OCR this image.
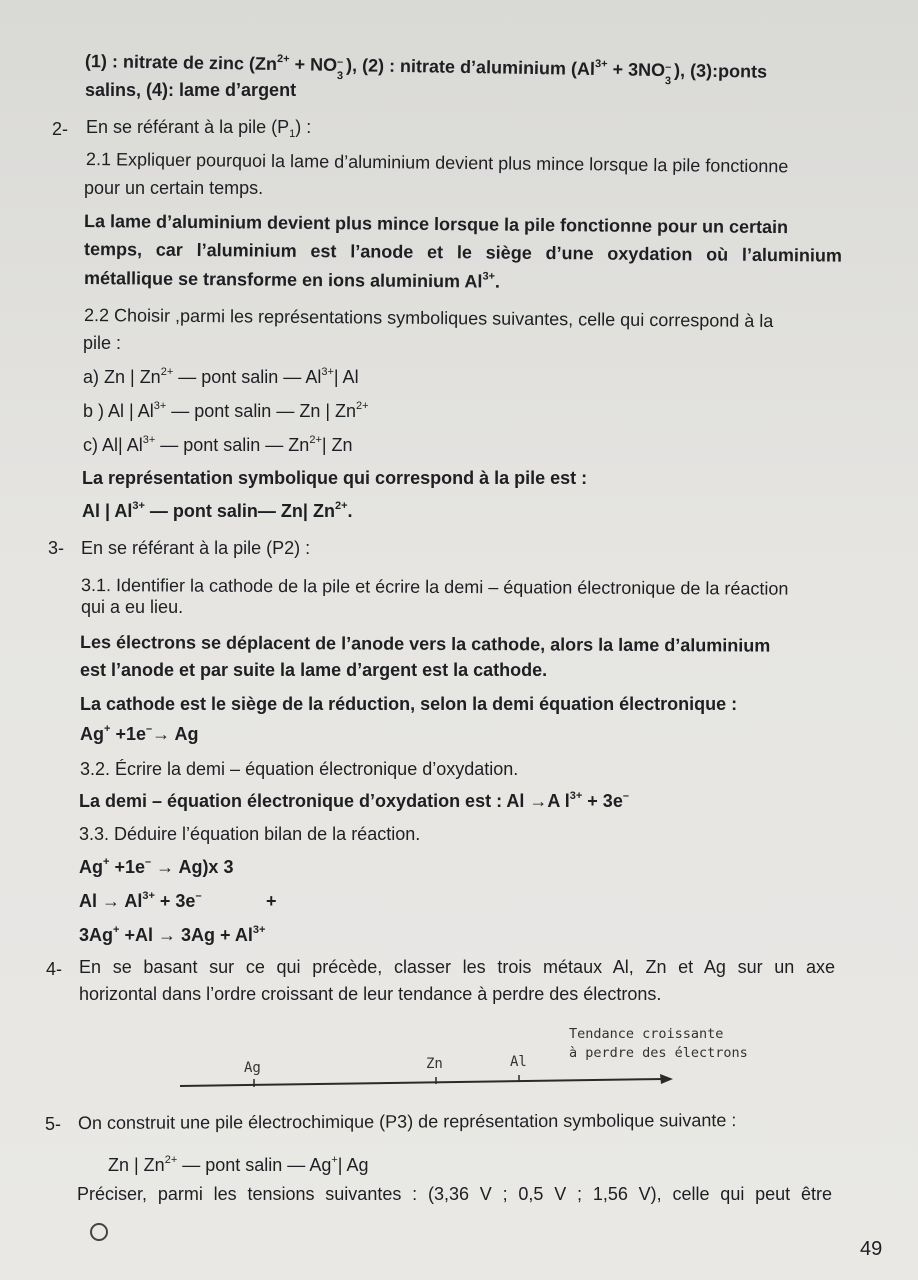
(1) : nitrate de zinc ($Zn^{2+}$ + NO –
3 ), (2) : nitrate d’aluminium ($Al^{3+} + 3NO$ –
3 ), (3):ponts
salins, (4): lame d’argent
2- En se référant à la pile $(P_1)$ :
2.1 Expliquer pourquoi la lame d’aluminium devient plus mince lorsque la pile fonctionne
pour un certain temps.
La lame d’aluminium devient plus mince lorsque la pile fonctionne pour un certain
temps, car l’aluminium est l’anode et le siège d’une oxydation où l’aluminium
métallique se transforme en ions aluminium $Al^{3+}$.
2.2 Choisir ,parmi les représentations symboliques suivantes, celle qui correspond à la
pile :
a) Zn | $Zn^{2+}$ — pont salin — $Al^{3+}|$ Al
b ) Al | $Al^{3+}$ — pont salin — Zn | $Zn^{2+}$
c) Al| $Al^{3+}$ — pont salin — $Zn^{2+}|$ Zn
La représentation symbolique qui correspond à la pile est :
Al | $Al^{3+}$ — pont salin— Zn| $Zn^{2+}$.
3- En se référant à la pile (P2) :
3.1. Identifier la cathode de la pile et écrire la demi – équation électronique de la réaction
qui a eu lieu.
Les électrons se déplacent de l’anode vers la cathode, alors la lame d’aluminium
est l’anode et par suite la lame d’argent est la cathode.
La cathode est le siège de la réduction, selon la demi équation électronique :
Ag+ +1e–→ Ag
3.2. Écrire la demi – équation électronique d’oxydation.
La demi – équation électronique d’oxydation est : Al →A $l^{3+} + 3e^-$
3.3. Déduire l’équation bilan de la réaction.
Ag+ +1e– → Ag)x 3
$Al \to Al^{3+} + 3e^-$	+
$3Ag^+ +Al \to 3Ag + Al^{3+}$
4- En se basant sur ce qui précède, classer les trois métaux Al, Zn et Ag sur un axe
horizontal dans l’ordre croissant de leur tendance à perdre des électrons.
Ag	Zn	Al
Tendance croissante
à perdre des électrons
5- On construit une pile électrochimique (P3) de représentation symbolique suivante :
Zn | $Zn^{2+}$ — pont salin — Ag+| Ag
Préciser, parmi les tensions suivantes : (3,36 V ; 0,5 V ; 1,56 V), celle qui peut être
49
